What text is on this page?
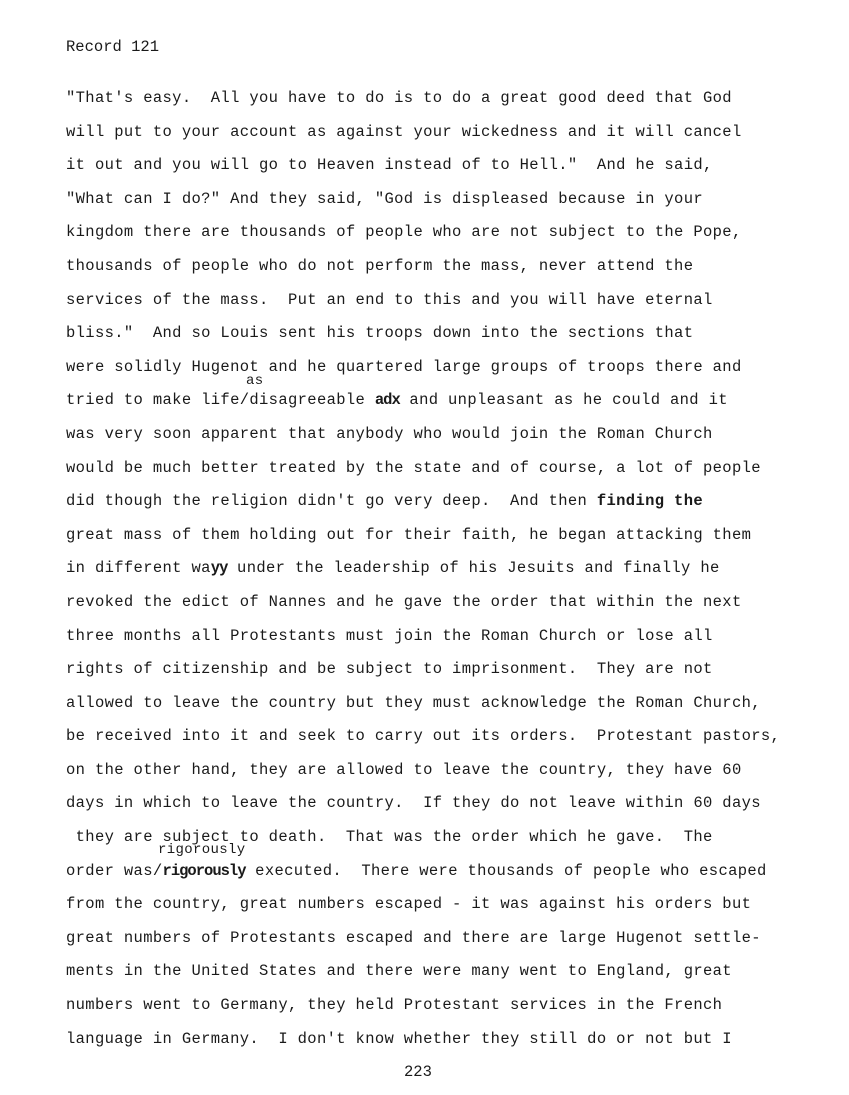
Record 121
"That's easy.  All you have to do is to do a great good deed that God
will put to your account as against your wickedness and it will cancel
it out and you will go to Heaven instead of to Hell."  And he said,
"What can I do?" And they said, "God is displeased because in your
kingdom there are thousands of people who are not subject to the Pope,
thousands of people who do not perform the mass, never attend the
services of the mass.  Put an end to this and you will have eternal
bliss."  And so Louis sent his troops down into the sections that
were solidly Hugenot and he quartered large groups of troops there and
tried to make life/disagreeable adx and unpleasant as he could and it
as
was very soon apparent that anybody who would join the Roman Church
would be much better treated by the state and of course, a lot of people
did though the religion didn't go very deep.  And then finding the
great mass of them holding out for their faith, he began attacking them
in different wayy under the leadership of his Jesuits and finally he
revoked the edict of Nannes and he gave the order that within the next
three months all Protestants must join the Roman Church or lose all
rights of citizenship and be subject to imprisonment.  They are not
allowed to leave the country but they must acknowledge the Roman Church,
be received into it and seek to carry out its orders.  Protestant pastors,
on the other hand, they are allowed to leave the country, they have 60
days in which to leave the country.  If they do not leave within 60 days
they are subject to death.  That was the order which he gave.  The
order was/rigorously executed.  There were thousands of people who escaped
rigorously
from the country, great numbers escaped - it was against his orders but
great numbers of Protestants escaped and there are large Hugenot settle-
ments in the United States and there were many went to England, great
numbers went to Germany, they held Protestant services in the French
language in Germany.  I don't know whether they still do or not but I
223
